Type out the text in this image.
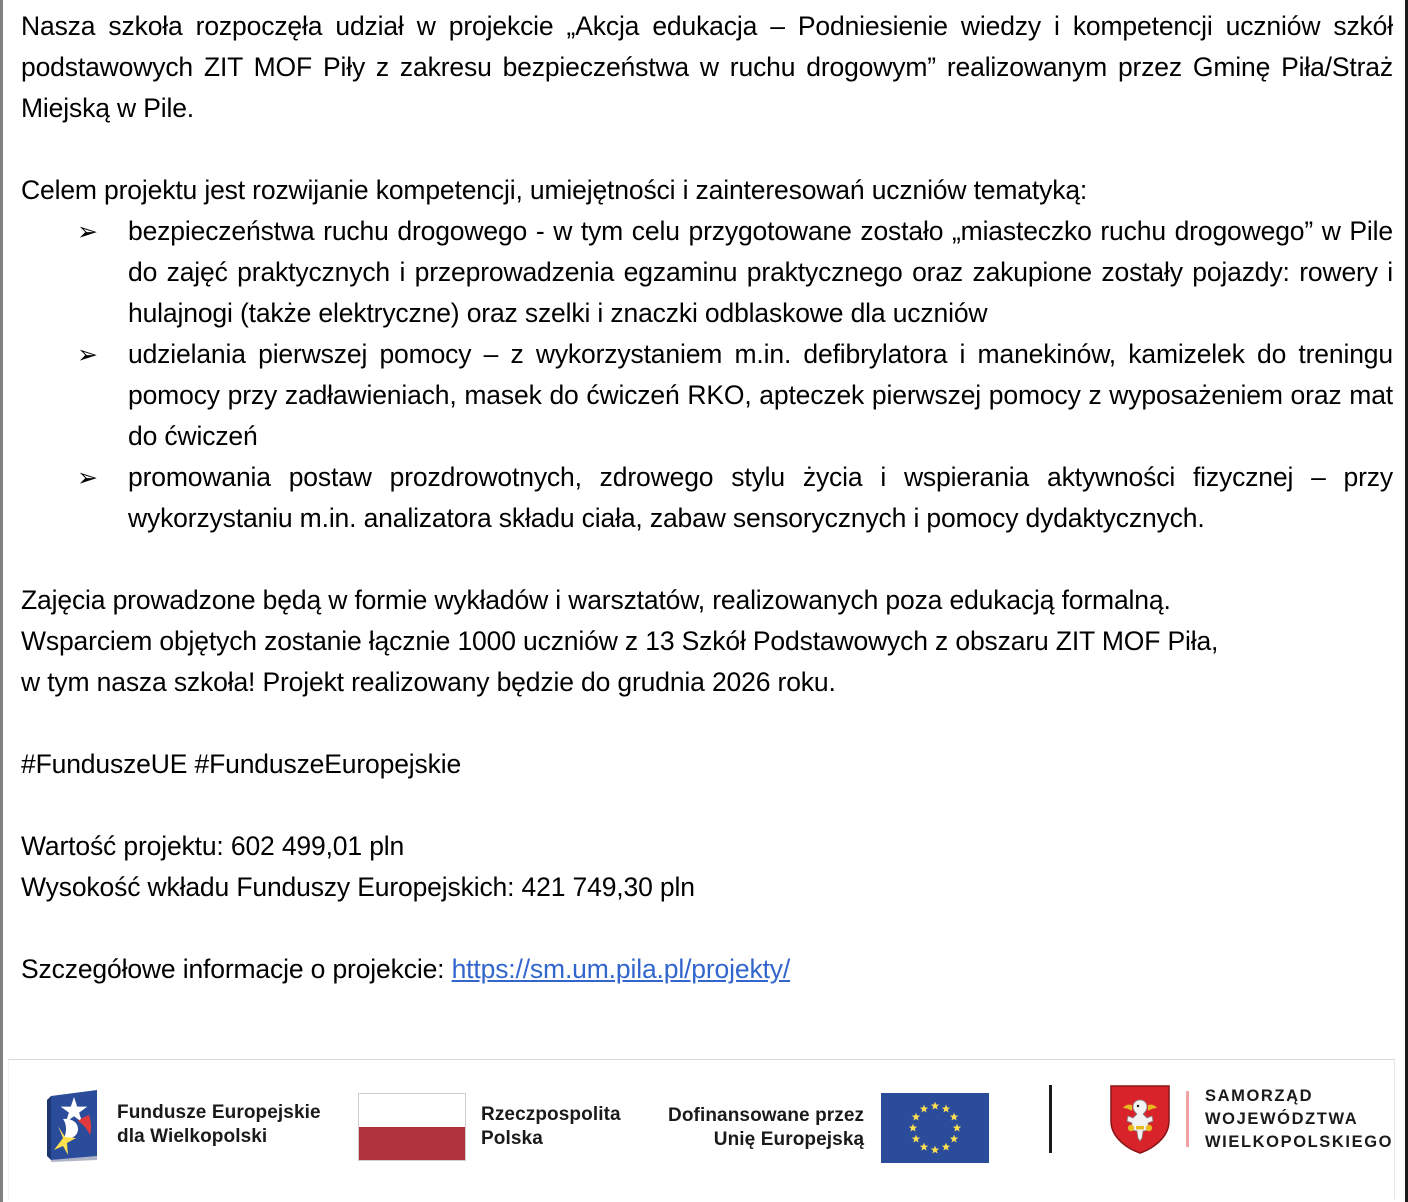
Nasza szkoła rozpoczęła udział w projekcie „Akcja edukacja – Podniesienie wiedzy i kompetencji uczniów szkół podstawowych ZIT MOF Piły z zakresu bezpieczeństwa w ruchu drogowym” realizowanym przez Gminę Piła/Straż Miejską w Pile.

Celem projektu jest rozwijanie kompetencji, umiejętności i zainteresowań uczniów tematyką:

➢ bezpieczeństwa ruchu drogowego - w tym celu przygotowane zostało „miasteczko ruchu drogowego” w Pile do zajęć praktycznych i przeprowadzenia egzaminu praktycznego oraz zakupione zostały pojazdy: rowery i hulajnogi (także elektryczne) oraz szelki i znaczki odblaskowe dla uczniów
➢ udzielania pierwszej pomocy – z wykorzystaniem m.in. defibrylatora i manekinów, kamizelek do treningu pomocy przy zadławieniach, masek do ćwiczeń RKO, apteczek pierwszej pomocy z wyposażeniem oraz mat do ćwiczeń
➢ promowania postaw prozdrowotnych, zdrowego stylu życia i wspierania aktywności fizycznej – przy wykorzystaniu m.in. analizatora składu ciała, zabaw sensorycznych i pomocy dydaktycznych.

Zajęcia prowadzone będą w formie wykładów i warsztatów, realizowanych poza edukacją formalną.

Wsparciem objętych zostanie łącznie 1000 uczniów z 13 Szkół Podstawowych z obszaru ZIT MOF Piła,

w tym nasza szkoła! Projekt realizowany będzie do grudnia 2026 roku.

#FunduszeUE #FunduszeEuropejskie

Wartość projektu: 602 499,01 pln

Wysokość wkładu Funduszy Europejskich: 421 749,30 pln

Szczegółowe informacje o projekcie: https://sm.um.pila.pl/projekty/

Fundusze Europejskie
dla Wielkopolski
Rzeczpospolita
Polska
Dofinansowane przez
Unię Europejską
SAMORZĄD
WOJEWÓDZTWA
WIELKOPOLSKIEGO
